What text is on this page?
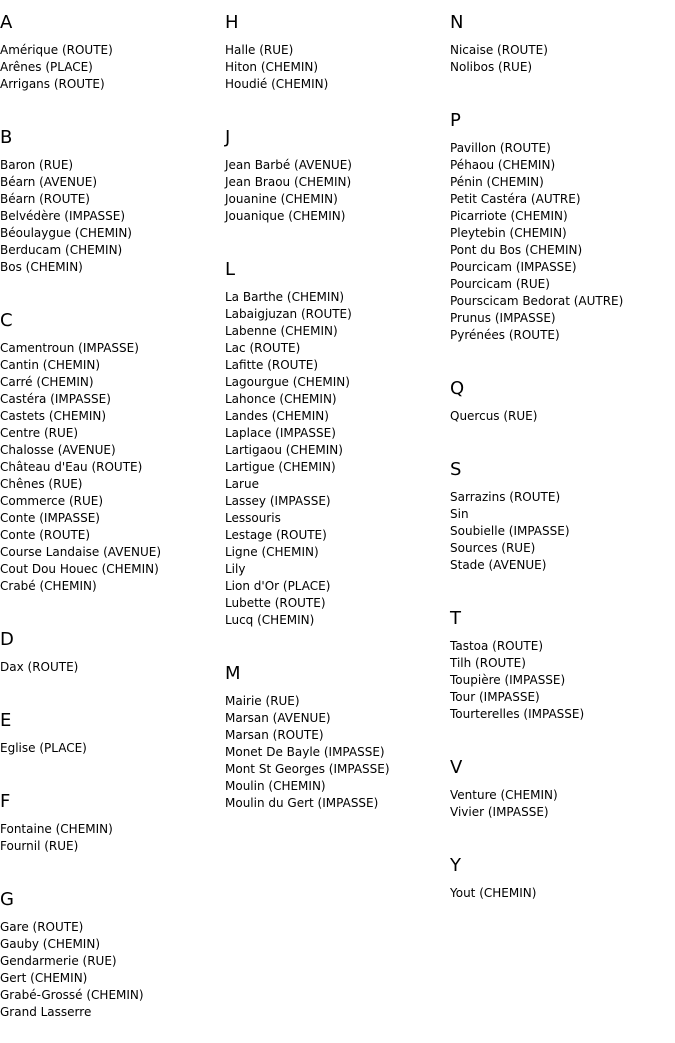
A
Amérique (ROUTE)
Arênes (PLACE)
Arrigans (ROUTE)
B
Baron (RUE)
Béarn (AVENUE)
Béarn (ROUTE)
Belvédère (IMPASSE)
Béoulaygue (CHEMIN)
Berducam (CHEMIN)
Bos (CHEMIN)
C
Camentroun (IMPASSE)
Cantin (CHEMIN)
Carré (CHEMIN)
Castéra (IMPASSE)
Castets (CHEMIN)
Centre (RUE)
Chalosse (AVENUE)
Château d'Eau (ROUTE)
Chênes (RUE)
Commerce (RUE)
Conte (IMPASSE)
Conte (ROUTE)
Course Landaise (AVENUE)
Cout Dou Houec (CHEMIN)
Crabé (CHEMIN)
D
Dax (ROUTE)
E
Eglise (PLACE)
F
Fontaine (CHEMIN)
Fournil (RUE)
G
Gare (ROUTE)
Gauby (CHEMIN)
Gendarmerie (RUE)
Gert (CHEMIN)
Grabé-Grossé (CHEMIN)
Grand Lasserre
H
Halle (RUE)
Hiton (CHEMIN)
Houdié (CHEMIN)
J
Jean Barbé (AVENUE)
Jean Braou (CHEMIN)
Jouanine (CHEMIN)
Jouanique (CHEMIN)
L
La Barthe (CHEMIN)
Labaigjuzan (ROUTE)
Labenne (CHEMIN)
Lac (ROUTE)
Lafitte (ROUTE)
Lagourgue (CHEMIN)
Lahonce (CHEMIN)
Landes (CHEMIN)
Laplace (IMPASSE)
Lartigaou (CHEMIN)
Lartigue (CHEMIN)
Larue
Lassey (IMPASSE)
Lessouris
Lestage (ROUTE)
Ligne (CHEMIN)
Lily
Lion d'Or (PLACE)
Lubette (ROUTE)
Lucq (CHEMIN)
M
Mairie (RUE)
Marsan (AVENUE)
Marsan (ROUTE)
Monet De Bayle (IMPASSE)
Mont St Georges (IMPASSE)
Moulin (CHEMIN)
Moulin du Gert (IMPASSE)
N
Nicaise (ROUTE)
Nolibos (RUE)
P
Pavillon (ROUTE)
Péhaou (CHEMIN)
Pénin (CHEMIN)
Petit Castéra (AUTRE)
Picarriote (CHEMIN)
Pleytebin (CHEMIN)
Pont du Bos (CHEMIN)
Pourcicam (IMPASSE)
Pourcicam (RUE)
Pourscicam Bedorat (AUTRE)
Prunus (IMPASSE)
Pyrénées (ROUTE)
Q
Quercus (RUE)
S
Sarrazins (ROUTE)
Sin
Soubielle (IMPASSE)
Sources (RUE)
Stade (AVENUE)
T
Tastoa (ROUTE)
Tilh (ROUTE)
Toupière (IMPASSE)
Tour (IMPASSE)
Tourterelles (IMPASSE)
V
Venture (CHEMIN)
Vivier (IMPASSE)
Y
Yout (CHEMIN)
